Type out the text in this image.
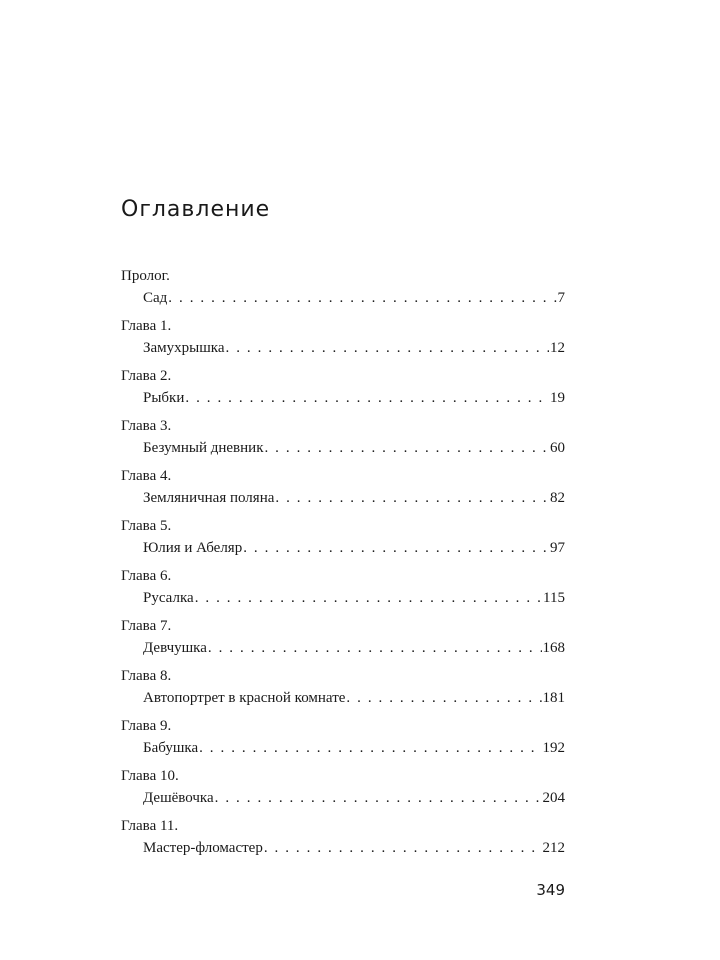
Оглавление
Пролог.
Сад . . .	7
Глава 1.
Замухрышка . . .	12
Глава 2.
Рыбки . . .	19
Глава 3.
Безумный дневник . . .	60
Глава 4.
Земляничная поляна . . .	82
Глава 5.
Юлия и Абеляр . . .	97
Глава 6.
Русалка . . .	115
Глава 7.
Девчушка . . .	168
Глава 8.
Автопортрет в красной комнате . . .	181
Глава 9.
Бабушка . . .	192
Глава 10.
Дешёвочка . . .	204
Глава 11.
Мастер-фломастер . . .	212
349
